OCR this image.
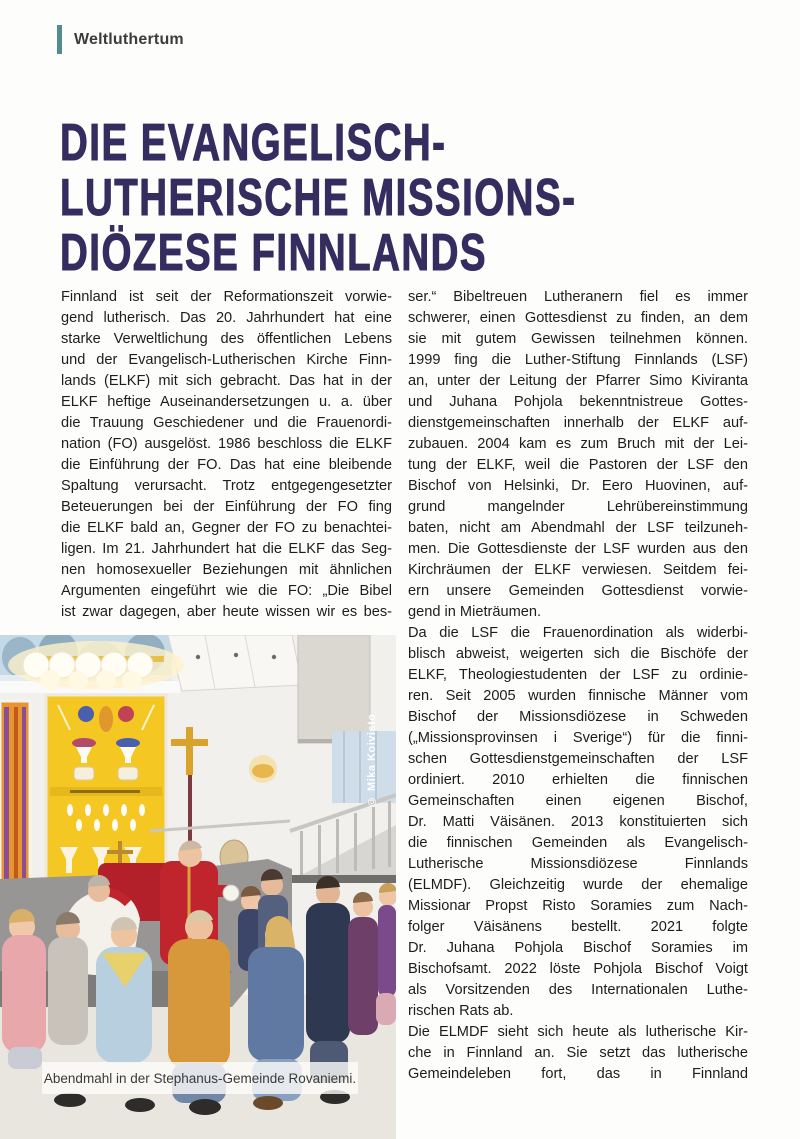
Weltluthertum
DIE EVANGELISCH-
LUTHERISCHE MISSIONS-
DIÖZESE FINNLANDS
Finnland ist seit der Reformationszeit vorwie-
gend lutherisch. Das 20. Jahrhundert hat eine
starke Verweltlichung des öffentlichen Lebens
und der Evangelisch-Lutherischen Kirche Finn-
lands (ELKF) mit sich gebracht. Das hat in der
ELKF heftige Auseinandersetzungen u. a. über
die Trauung Geschiedener und die Frauenordi-
nation (FO) ausgelöst. 1986 beschloss die ELKF
die Einführung der FO. Das hat eine bleibende
Spaltung verursacht. Trotz entgegengesetzter
Beteuerungen bei der Einführung der FO fing
die ELKF bald an, Gegner der FO zu benachtei-
ligen. Im 21. Jahrhundert hat die ELKF das Seg-
nen homosexueller Beziehungen mit ähnlichen
Argumenten eingeführt wie die FO: „Die Bibel
ist zwar dagegen, aber heute wissen wir es bes-
ser.“ Bibeltreuen Lutheranern fiel es immer
schwerer, einen Gottesdienst zu finden, an dem
sie mit gutem Gewissen teilnehmen können.
1999 fing die Luther-Stiftung Finnlands (LSF)
an, unter der Leitung der Pfarrer Simo Kiviranta
und Juhana Pohjola bekenntnistreue Gottes-
dienstgemeinschaften innerhalb der ELKF auf-
zubauen. 2004 kam es zum Bruch mit der Lei-
tung der ELKF, weil die Pastoren der LSF den
Bischof von Helsinki, Dr. Eero Huovinen, auf-
grund mangelnder Lehrübereinstimmung
baten, nicht am Abendmahl der LSF teilzuneh-
men. Die Gottesdienste der LSF wurden aus den
Kirchräumen der ELKF verwiesen. Seitdem fei-
ern unsere Gemeinden Gottesdienst vorwie-
gend in Mieträumen.
Da die LSF die Frauenordination als widerbi-
blisch abweist, weigerten sich die Bischöfe der
ELKF, Theologiestudenten der LSF zu ordinie-
ren. Seit 2005 wurden finnische Männer vom
Bischof der Missionsdiözese in Schweden
(„Missionsprovinsen i Sverige“) für die finni-
schen Gottesdienstgemeinschaften der LSF
ordiniert. 2010 erhielten die finnischen
Gemeinschaften einen eigenen Bischof,
Dr. Matti Väisänen. 2013 konstituierten sich
die finnischen Gemeinden als Evangelisch-
Lutherische Missionsdiözese Finnlands
(ELMDF). Gleichzeitig wurde der ehemalige
Missionar Propst Risto Soramies zum Nach-
folger Väisänens bestellt. 2021 folgte
Dr. Juhana Pohjola Bischof Soramies im
Bischofsamt. 2022 löste Pohjola Bischof Voigt
als Vorsitzenden des Internationalen Luthe-
rischen Rats ab.
Die ELMDF sieht sich heute als lutherische Kir-
che in Finnland an. Sie setzt das lutherische
Gemeindeleben fort, das in Finnland
Abendmahl in der Stephanus-Gemeinde Rovaniemi.
© Mika Koivisto
